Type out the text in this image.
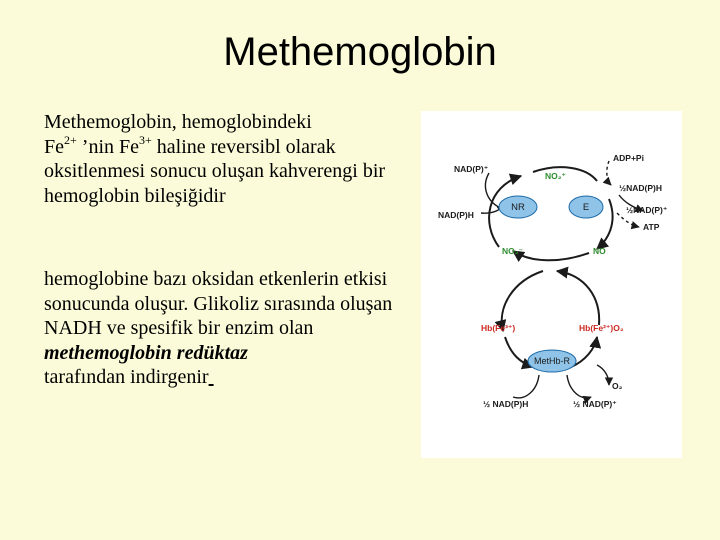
Methemoglobin
Methemoglobin, hemoglobindeki
$Fe^{2+}$ ’nin $Fe^{3+}$ haline reversibl olarak oksitlenmesi sonucu oluşan kahverengi bir hemoglobin bileşiğidir
hemoglobine bazı oksidan etkenlerin etkisi sonucunda oluşur. Glikoliz sırasında oluşan NADH ve spesifik bir enzim olan methemoglobin redüktaz
tarafından indirgenir
NAD(P)⁺
NAD(P)H
NO₂⁺
ADP+Pi
½NAD(P)H
NR	E	½NAD(P)⁺
ATP
NO₂⁻	NO
Hb(Fe³⁺)	Hb(Fe²⁺)O₂
MetHb-R
O₂
½ NAD(P)H	½ NAD(P)⁺
